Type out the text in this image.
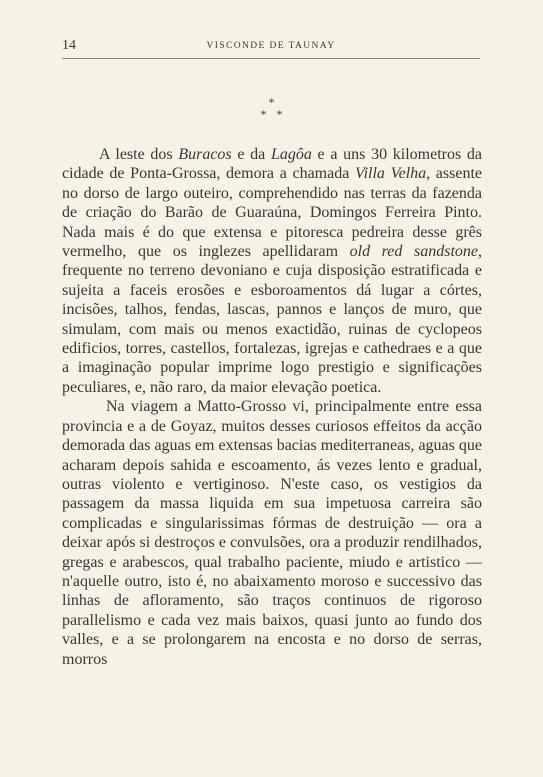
14	VISCONDE DE TAUNAY
*
* *

A leste dos Buracos e da Lagôa e a uns 30 kilometros da cidade de Ponta-Grossa, demora a chamada Villa Velha, assente no dorso de largo outeiro, comprehendido nas terras da fazenda de criação do Barão de Guaraúna, Domingos Ferreira Pinto. Nada mais é do que extensa e pitoresca pedreira desse grês vermelho, que os inglezes apellidaram old red sandstone, frequente no terreno devoniano e cuja disposição estratificada e sujeita a faceis erosões e esboroamentos dá lugar a córtes, incisões, talhos, fendas, lascas, pannos e lanços de muro, que simulam, com mais ou menos exactidão, ruinas de cyclopeos edificios, torres, castellos, fortalezas, igrejas e cathedraes e a que a imaginação popular imprime logo prestigio e significações peculiares, e, não raro, da maior elevação poetica.

Na viagem a Matto-Grosso vi, principalmente entre essa provincia e a de Goyaz, muitos desses curiosos effeitos da acção demorada das aguas em extensas bacias mediterraneas, aguas que acharam depois sahida e escoamento, ás vezes lento e gradual, outras violento e vertiginoso. N'este caso, os vestigios da passagem da massa liquida em sua impetuosa carreira são complicadas e singularissimas fórmas de destruição — ora a deixar após si destroços e convulsões, ora a produzir rendilhados, gregas e arabescos, qual trabalho paciente, miudo e artistico — n'aquelle outro, isto é, no abaixamento moroso e successivo das linhas de afloramento, são traços continuos de rigoroso parallelismo e cada vez mais baixos, quasi junto ao fundo dos valles, e a se prolongarem na encosta e no dorso de serras, morros
